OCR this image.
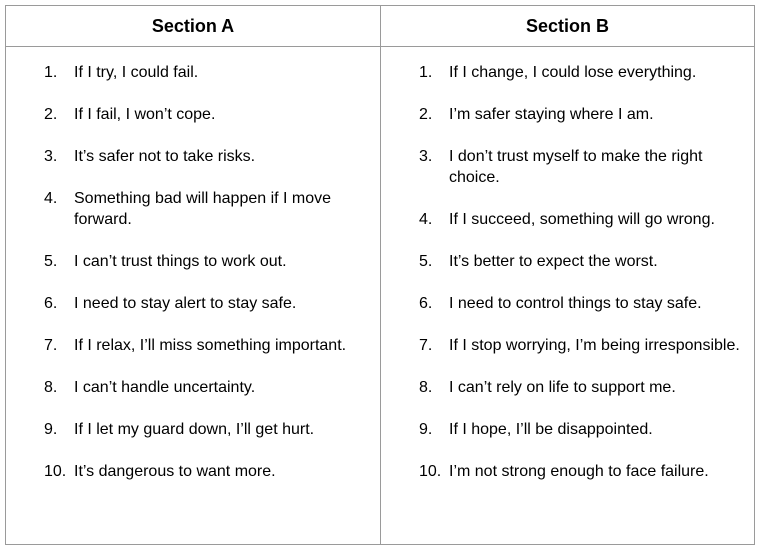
Section A	Section B
1.	If I try, I could fail.
2.	If I fail, I won’t cope.
3.	It’s safer not to take risks.
4.	Something bad will happen if I move forward.
5.	I can’t trust things to work out.
6.	I need to stay alert to stay safe.
7.	If I relax, I’ll miss something important.
8.	I can’t handle uncertainty.
9.	If I let my guard down, I’ll get hurt.
10. It’s dangerous to want more.
1.	If I change, I could lose everything.
2.	I’m safer staying where I am.
3.	I don’t trust myself to make the right choice.
4.	If I succeed, something will go wrong.
5.	It’s better to expect the worst.
6.	I need to control things to stay safe.
7.	If I stop worrying, I’m being irresponsible.
8.	I can’t rely on life to support me.
9.	If I hope, I’ll be disappointed.
10. I’m not strong enough to face failure.
